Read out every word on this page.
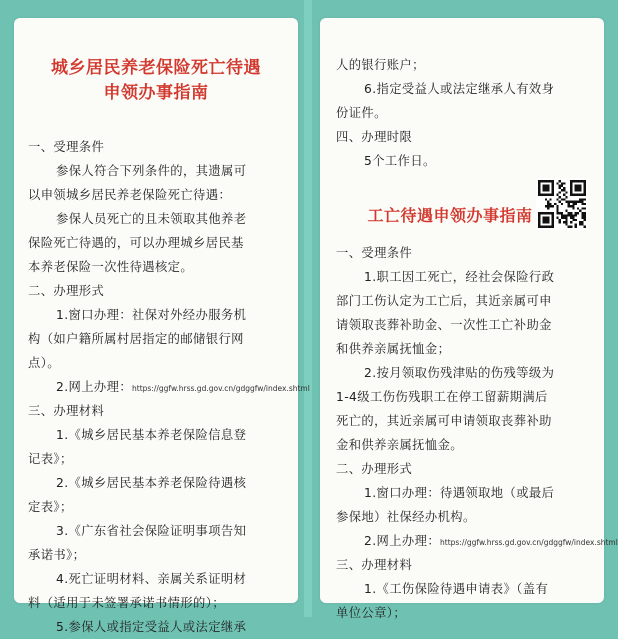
城乡居民养老保险死亡待遇
申领办事指南
一、受理条件
参保人符合下列条件的，其遗属可
以申领城乡居民养老保险死亡待遇：
参保人员死亡的且未领取其他养老
保险死亡待遇的，可以办理城乡居民基
本养老保险一次性待遇核定。
二、办理形式
1.窗口办理：社保对外经办服务机
构（如户籍所属村居指定的邮储银行网
点）。
2.网上办理：https://ggfw.hrss.gd.gov.cn/gdggfw/index.shtml
三、办理材料
1.《城乡居民基本养老保险信息登
记表》；
2.《城乡居民基本养老保险待遇核
定表》；
3.《广东省社会保险证明事项告知
承诺书》；
4.死亡证明材料、亲属关系证明材
料（适用于未签署承诺书情形的）；
5.参保人或指定受益人或法定继承
人的银行账户；
6.指定受益人或法定继承人有效身
份证件。
四、办理时限
5个工作日。
工亡待遇申领办事指南
一、受理条件
1.职工因工死亡，经社会保险行政
部门工伤认定为工亡后，其近亲属可申
请领取丧葬补助金、一次性工亡补助金
和供养亲属抚恤金；
2.按月领取伤残津贴的伤残等级为
1-4级工伤伤残职工在停工留薪期满后
死亡的，其近亲属可申请领取丧葬补助
金和供养亲属抚恤金。
二、办理形式
1.窗口办理：待遇领取地（或最后
参保地）社保经办机构。
2.网上办理：https://ggfw.hrss.gd.gov.cn/gdggfw/index.shtml
三、办理材料
1.《工伤保险待遇申请表》（盖有
单位公章）；
